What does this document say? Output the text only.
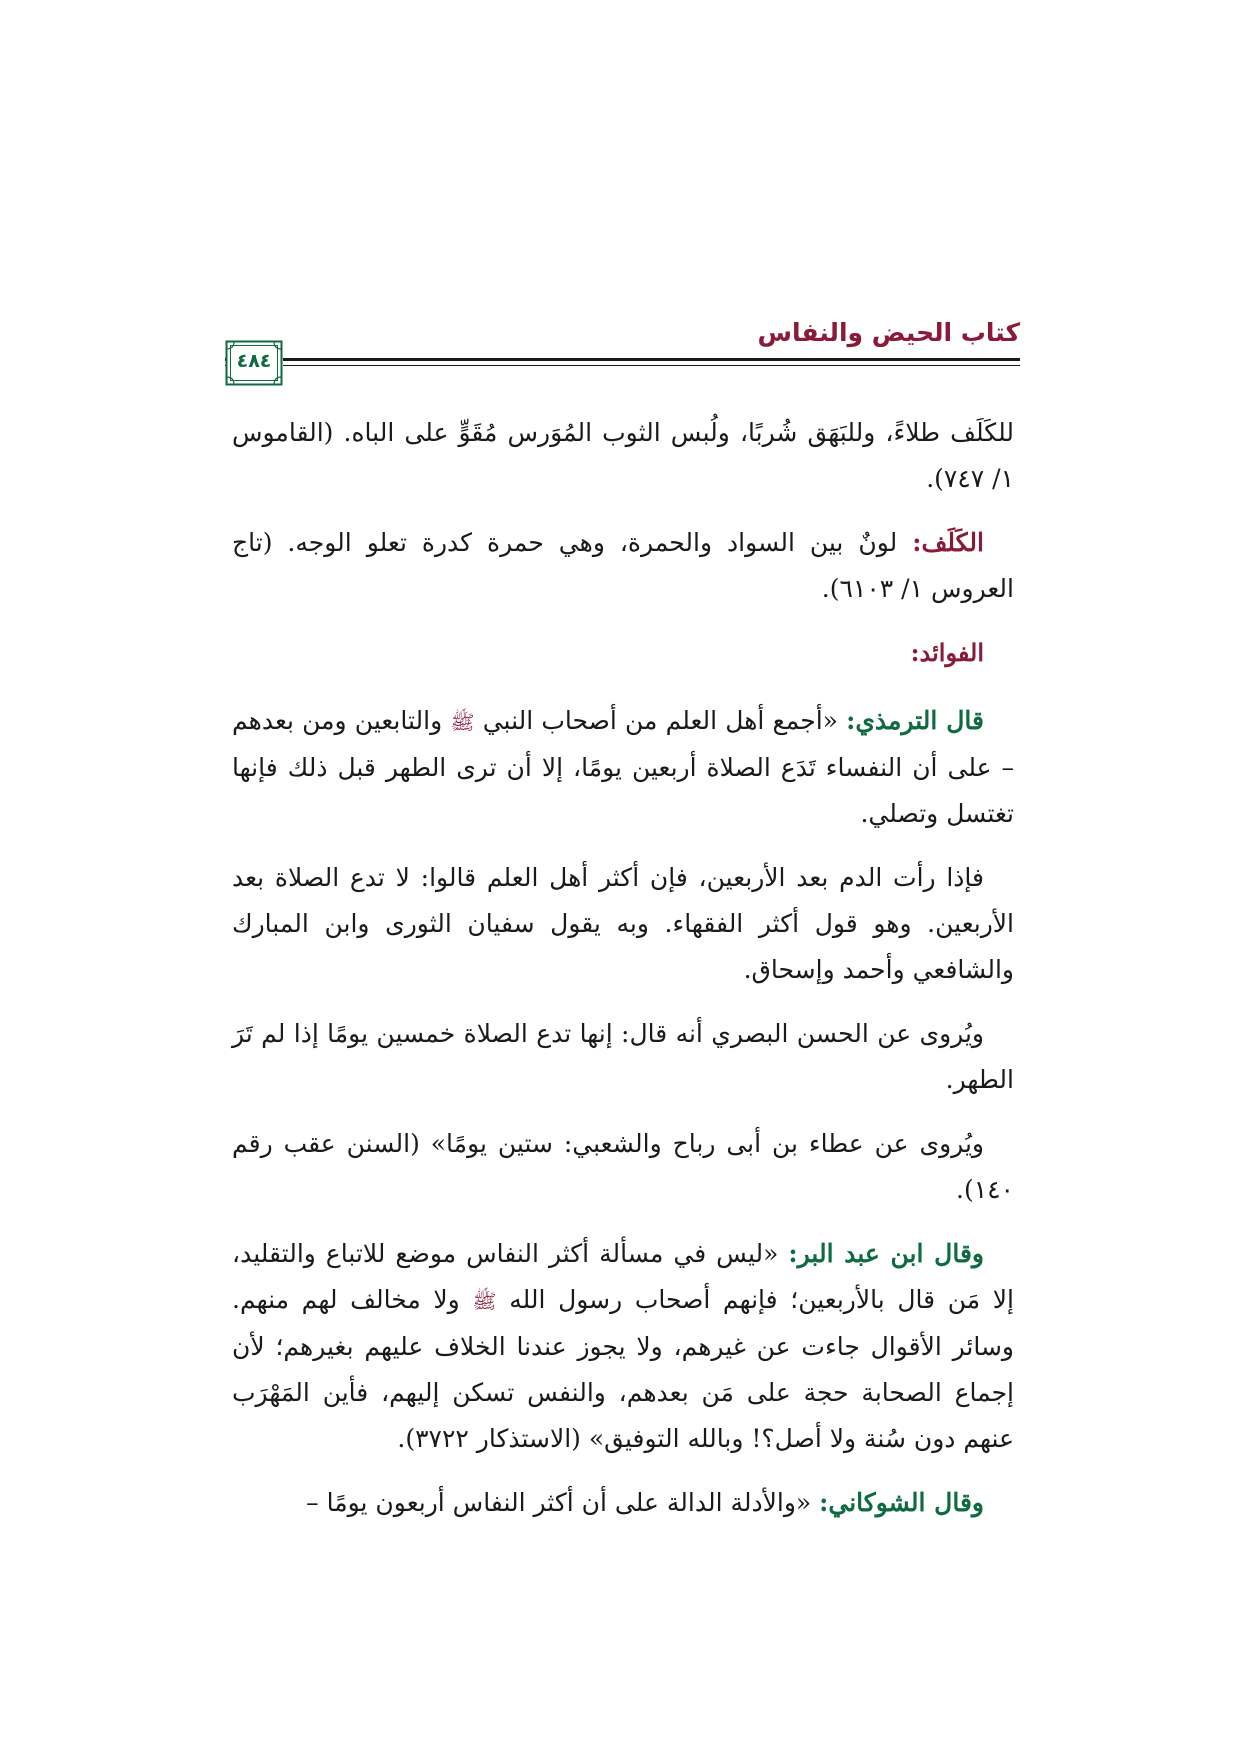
كتاب الحيض والنفاس
٤٨٤

للكَلَف طلاءً، وللبَهَق شُربًا، ولُبس الثوب المُوَرس مُقَوٍّ على الباه. (القاموس ١/ ٧٤٧).

الكَلَف: لونٌ بين السواد والحمرة، وهي حمرة كدرة تعلو الوجه. (تاج العروس ١/ ٦١٠٣).

الفوائد:

قال الترمذي: «أجمع أهل العلم من أصحاب النبي ﷺ والتابعين ومن بعدهم – على أن النفساء تَدَع الصلاة أربعين يومًا، إلا أن ترى الطهر قبل ذلك فإنها تغتسل وتصلي.

فإذا رأت الدم بعد الأربعين، فإن أكثر أهل العلم قالوا: لا تدع الصلاة بعد الأربعين. وهو قول أكثر الفقهاء. وبه يقول سفيان الثورى وابن المبارك والشافعي وأحمد وإسحاق.

ويُروى عن الحسن البصري أنه قال: إنها تدع الصلاة خمسين يومًا إذا لم تَرَ الطهر.

ويُروى عن عطاء بن أبى رباح والشعبي: ستين يومًا» (السنن عقب رقم ١٤٠).

وقال ابن عبد البر: «ليس في مسألة أكثر النفاس موضع للاتباع والتقليد، إلا مَن قال بالأربعين؛ فإنهم أصحاب رسول الله ﷺ ولا مخالف لهم منهم. وسائر الأقوال جاءت عن غيرهم، ولا يجوز عندنا الخلاف عليهم بغيرهم؛ لأن إجماع الصحابة حجة على مَن بعدهم، والنفس تسكن إليهم، فأين المَهْرَب عنهم دون سُنة ولا أصل؟! وبالله التوفيق» (الاستذكار ٣٧٢٢).

وقال الشوكاني: «والأدلة الدالة على أن أكثر النفاس أربعون يومًا –
